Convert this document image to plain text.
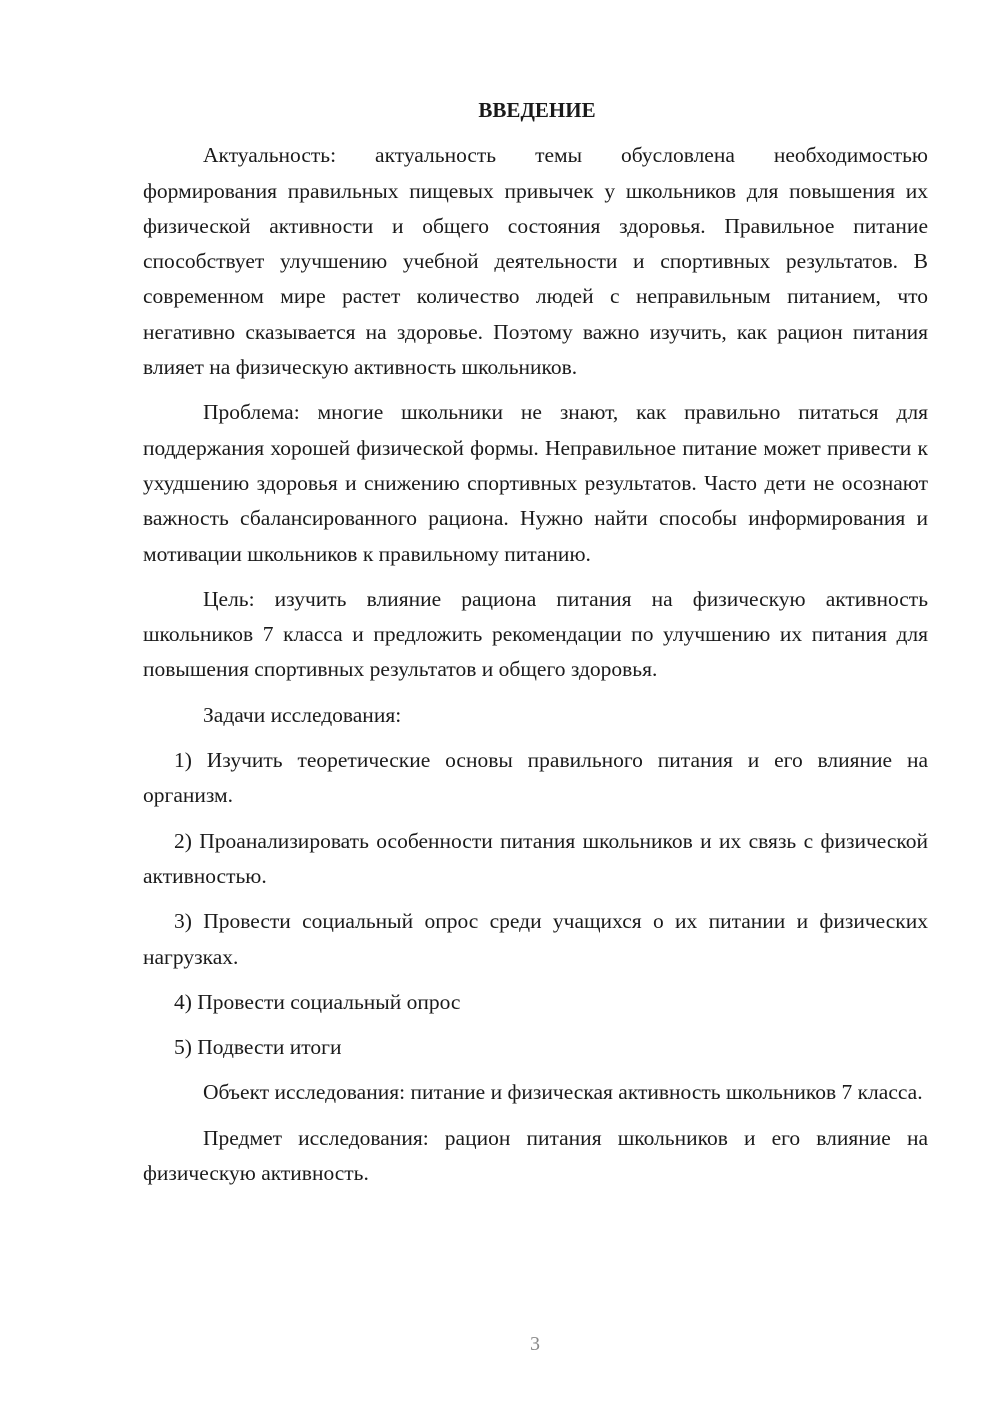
ВВЕДЕНИЕ

Актуальность: актуальность темы обусловлена необходимостью формирования правильных пищевых привычек у школьников для повышения их физической активности и общего состояния здоровья. Правильное питание способствует улучшению учебной деятельности и спортивных результатов. В современном мире растет количество людей с неправильным питанием, что негативно сказывается на здоровье. Поэтому важно изучить, как рацион питания влияет на физическую активность школьников.

Проблема: многие школьники не знают, как правильно питаться для поддержания хорошей физической формы. Неправильное питание может привести к ухудшению здоровья и снижению спортивных результатов. Часто дети не осознают важность сбалансированного рациона. Нужно найти способы информирования и мотивации школьников к правильному питанию.

Цель: изучить влияние рациона питания на физическую активность школьников 7 класса и предложить рекомендации по улучшению их питания для повышения спортивных результатов и общего здоровья.

Задачи исследования:

1) Изучить теоретические основы правильного питания и его влияние на организм.

2) Проанализировать особенности питания школьников и их связь с физической активностью.

3) Провести социальный опрос среди учащихся о их питании и физических нагрузках.

4) Провести социальный опрос

5) Подвести итоги

Объект исследования: питание и физическая активность школьников 7 класса.

Предмет исследования: рацион питания школьников и его влияние на физическую активность.

3
